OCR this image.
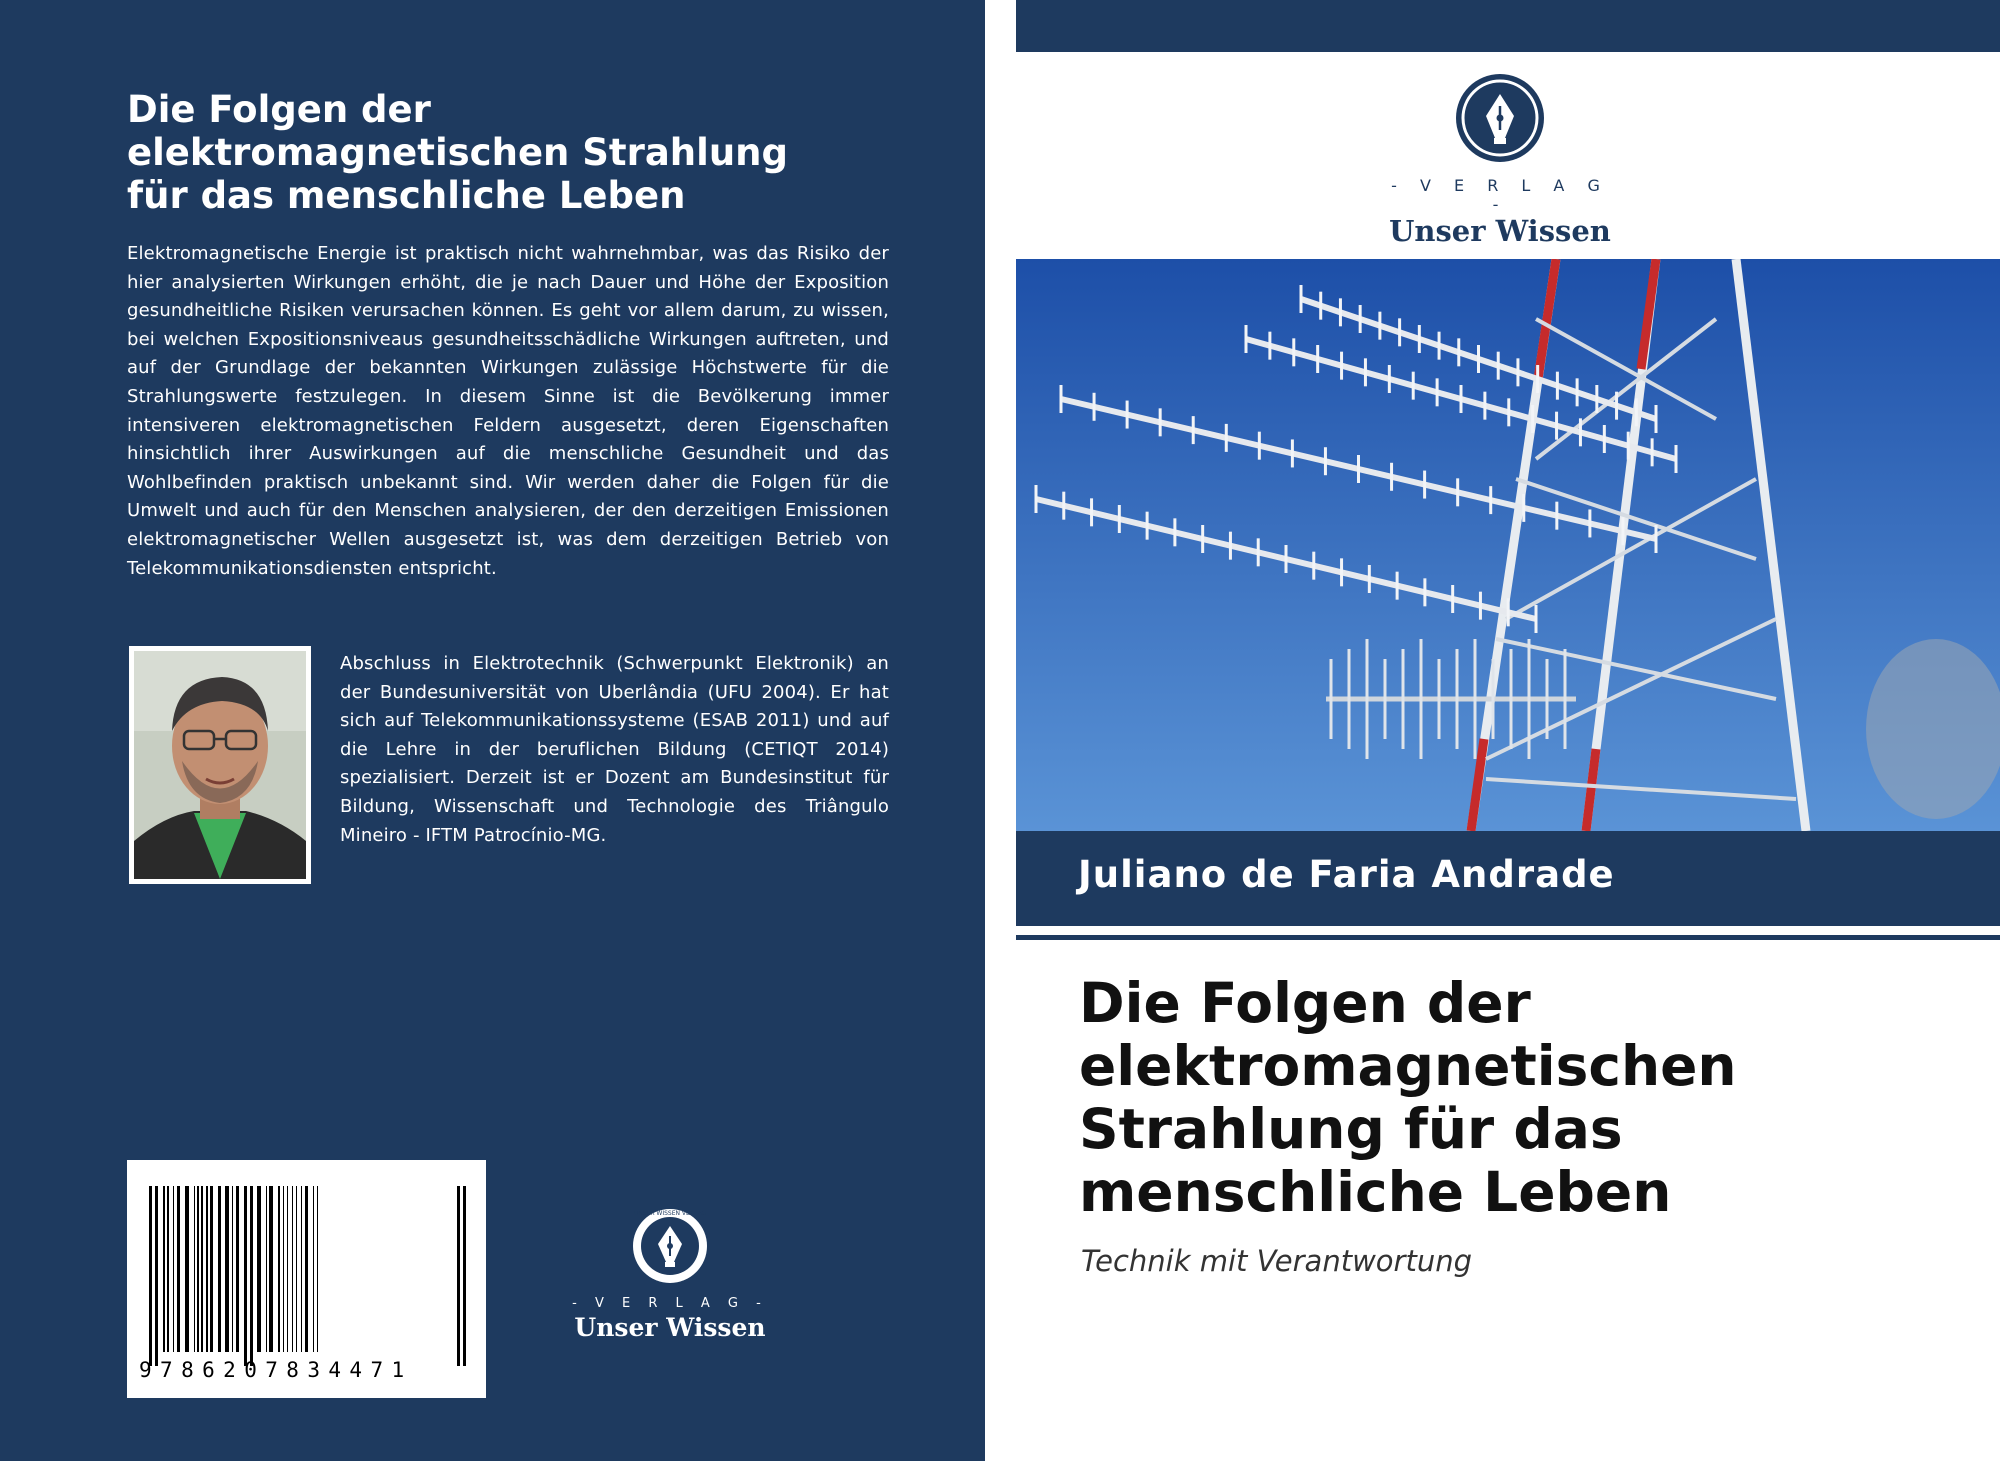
Die Folgen der
elektromagnetischen Strahlung
für das menschliche Leben

Elektromagnetische Energie ist praktisch nicht wahrnehmbar, was das Risiko der hier analysierten Wirkungen erhöht, die je nach Dauer und Höhe der Exposition gesundheitliche Risiken verursachen können. Es geht vor allem darum, zu wissen, bei welchen Expositionsniveaus gesundheitsschädliche Wirkungen auftreten, und auf der Grundlage der bekannten Wirkungen zulässige Höchstwerte für die Strahlungswerte festzulegen. In diesem Sinne ist die Bevölkerung immer intensiveren elektromagnetischen Feldern ausgesetzt, deren Eigenschaften hinsichtlich ihrer Auswirkungen auf die menschliche Gesundheit und das Wohlbefinden praktisch unbekannt sind. Wir werden daher die Folgen für die Umwelt und auch für den Menschen analysieren, der den derzeitigen Emissionen elektromagnetischer Wellen ausgesetzt ist, was dem derzeitigen Betrieb von Telekommunikationsdiensten entspricht.

Abschluss in Elektrotechnik (Schwerpunkt Elektronik) an der Bundesuniversität von Uberlândia (UFU 2004). Er hat sich auf Telekommunikationssysteme (ESAB 2011) und auf die Lehre in der beruflichen Bildung (CETIQT 2014) spezialisiert. Derzeit ist er Dozent am Bundesinstitut für Bildung, Wissenschaft und Technologie des Triângulo Mineiro - IFTM Patrocínio-MG.

9786207834471
UNSER WISSEN VERLAG
- V E R L A G -
Unser Wissen
- V E R L A G -
Unser Wissen
Juliano de Faria Andrade
Die Folgen der
elektromagnetischen
Strahlung für das
menschliche Leben
Technik mit Verantwortung
